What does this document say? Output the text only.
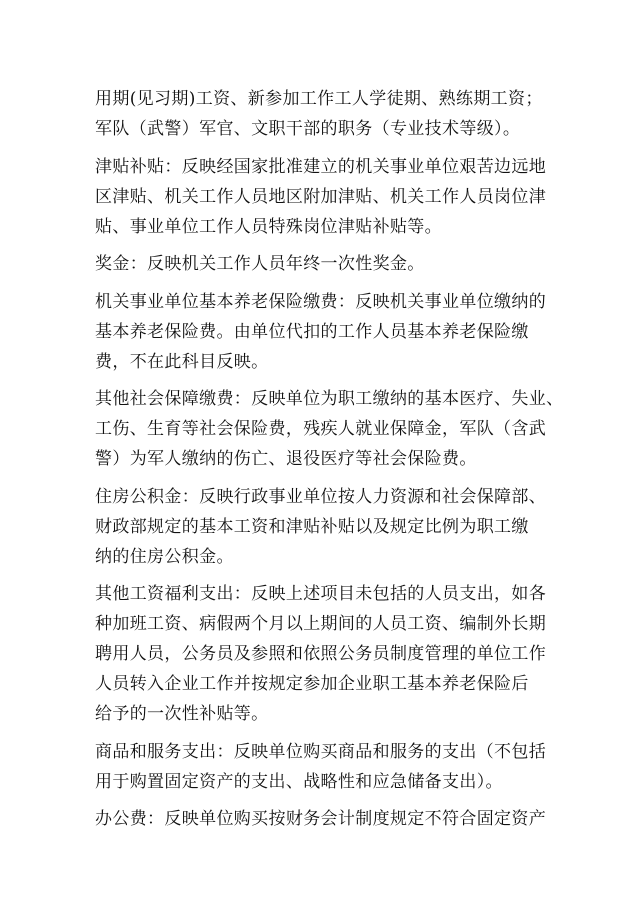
用期(见习期)工资、新参加工作工人学徒期、熟练期工资；
军队（武警）军官、文职干部的职务（专业技术等级）。

津贴补贴：反映经国家批准建立的机关事业单位艰苦边远地
区津贴、机关工作人员地区附加津贴、机关工作人员岗位津
贴、事业单位工作人员特殊岗位津贴补贴等。

奖金：反映机关工作人员年终一次性奖金。

机关事业单位基本养老保险缴费：反映机关事业单位缴纳的
基本养老保险费。由单位代扣的工作人员基本养老保险缴
费，不在此科目反映。

其他社会保障缴费：反映单位为职工缴纳的基本医疗、失业、
工伤、生育等社会保险费，残疾人就业保障金，军队（含武
警）为军人缴纳的伤亡、退役医疗等社会保险费。

住房公积金：反映行政事业单位按人力资源和社会保障部、
财政部规定的基本工资和津贴补贴以及规定比例为职工缴
纳的住房公积金。

其他工资福利支出：反映上述项目未包括的人员支出，如各
种加班工资、病假两个月以上期间的人员工资、编制外长期
聘用人员，公务员及参照和依照公务员制度管理的单位工作
人员转入企业工作并按规定参加企业职工基本养老保险后
给予的一次性补贴等。

商品和服务支出：反映单位购买商品和服务的支出（不包括
用于购置固定资产的支出、战略性和应急储备支出）。

办公费：反映单位购买按财务会计制度规定不符合固定资产
